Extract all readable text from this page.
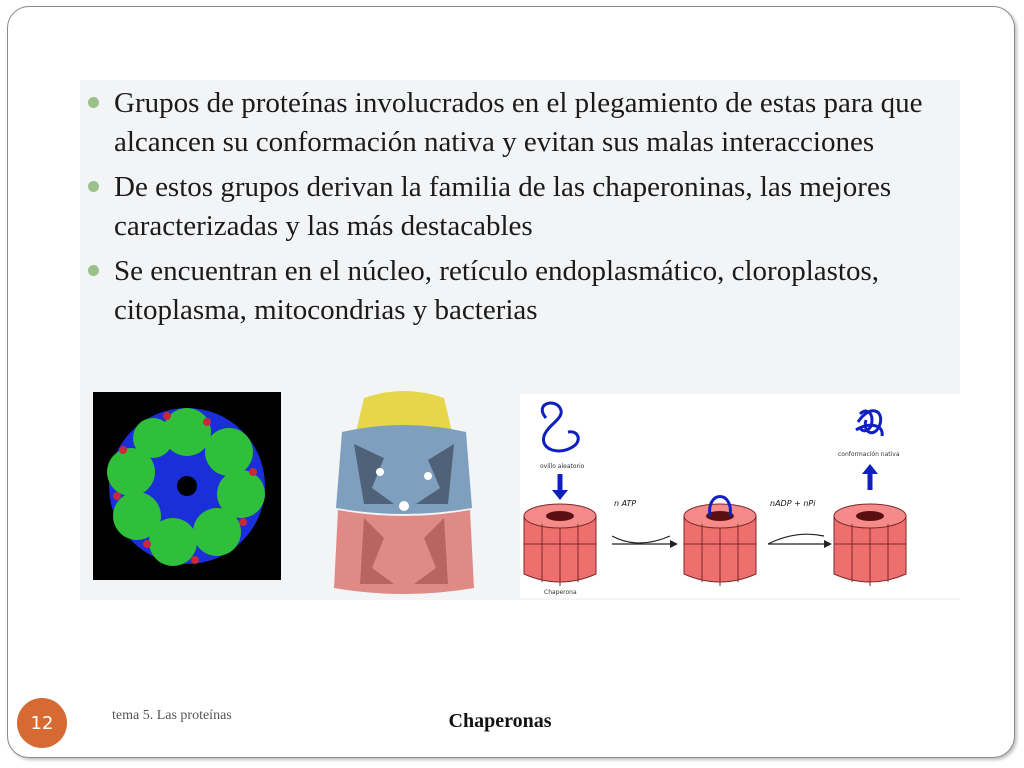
Grupos de proteínas involucrados en el plegamiento de estas para que alcancen su conformación nativa y evitan sus malas interacciones
De estos grupos derivan la familia de las chaperoninas, las mejores caracterizadas y las más destacables
Se encuentran en el núcleo, retículo endoplasmático, cloroplastos, citoplasma, mitocondrias y bacterias
ovillo aleatorio
Chaperona
n ATP	nADP + nPi
conformación nativa
12	tema 5. Las proteínas	Chaperonas
